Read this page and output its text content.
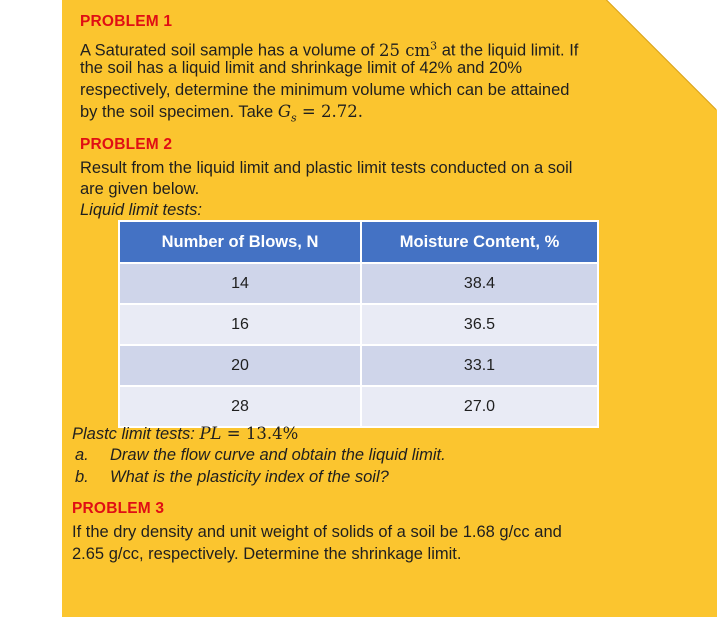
PROBLEM 1
A Saturated soil sample has a volume of 25 $cm^3$ at the liquid limit. If
the soil has a liquid limit and shrinkage limit of 42% and 20%
respectively, determine the minimum volume which can be attained
by the soil specimen. Take $G_s = 2.72$.
PROBLEM 2
Result from the liquid limit and plastic limit tests conducted on a soil
are given below.
Liquid limit tests:
Number of Blows, N	Moisture Content, %
14	38.4
16	36.5
20	33.1
28	27.0
Plastc limit tests: PL = 13.4%
a. Draw the flow curve and obtain the liquid limit.
b. What is the plasticity index of the soil?
PROBLEM 3
If the dry density and unit weight of solids of a soil be 1.68 g/cc and
2.65 g/cc, respectively. Determine the shrinkage limit.
